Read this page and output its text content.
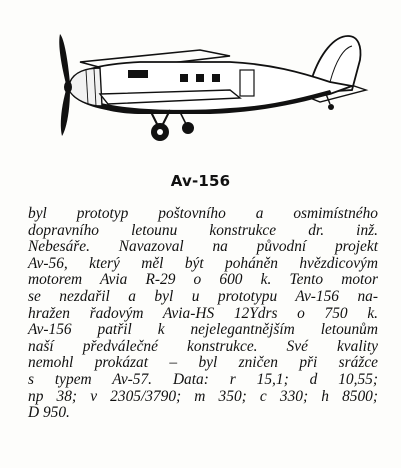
Av-156
byl prototyp poštovního a osmimístného
dopravního letounu konstrukce dr. inž.
Nebesáře. Navazoval na původní projekt
Av-56, který měl být poháněn hvězdicovým
motorem Avia R-29 o 600 k. Tento motor
se nezdařil a byl u prototypu Av-156 na-
hražen řadovým Avia-HS 12Ydrs o 750 k.
Av-156 patřil k nejelegantnějším letounům
naší předválečné konstrukce. Své kvality
nemohl prokázat – byl zničen při srážce
s typem Av-57. Data: r 15,1; d 10,55;
np 38; v 2305/3790; m 350; c 330; h 8500;
D 950.
